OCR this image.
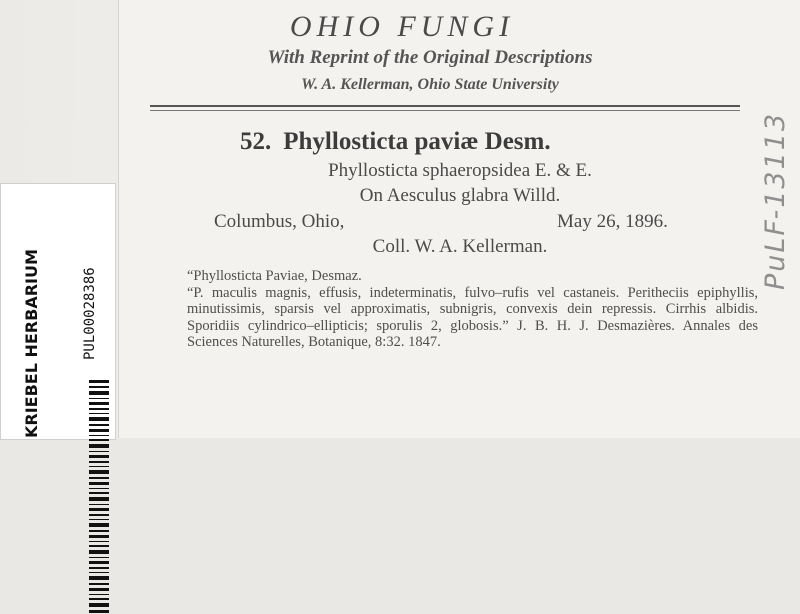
OHIO FUNGI
With Reprint of the Original Descriptions
W. A. Kellerman, Ohio State University
52. Phyllosticta paviæ Desm.
Phyllosticta sphaeropsidea E. & E.
On Aesculus glabra Willd.
Columbus, Ohio,	May 26, 1896.
Coll. W. A. Kellerman.
“Phyllosticta Paviae, Desmaz.
“P. maculis magnis, effusis, indeterminatis, fulvo–rufis vel castaneis. Peritheciis epiphyllis, minutissimis, sparsis vel approximatis, subnigris, convexis dein repressis. Cirrhis albidis. Sporidiis cylindrico–ellipticis; sporulis 2, globosis.” J. B. H. J. Desmazières. Annales des Sciences Naturelles, Botanique, 8:32. 1847.
KRIEBEL HERBARIUM	PUL00028386
PuLF-13113
